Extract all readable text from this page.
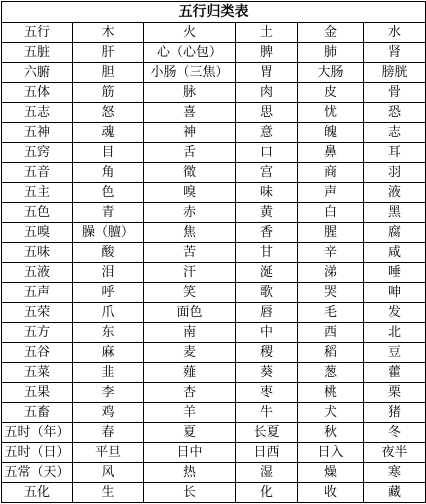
五行归类表					
五行	木	火	土	金	水
五脏	肝	心（心包）	脾	肺	肾
六腑	胆	小肠（三焦）	胃	大肠	膀胱
五体	筋	脉	肉	皮	骨
五志	怒	喜	思	忧	恐
五神	魂	神	意	魄	志
五窍	目	舌	口	鼻	耳
五音	角	徵	宫	商	羽
五主	色	嗅	味	声	液
五色	青	赤	黄	白	黑
五嗅	臊（膻）	焦	香	腥	腐
五味	酸	苦	甘	辛	咸
五液	泪	汗	涎	涕	唾
五声	呼	笑	歌	哭	呻
五荣	爪	面色	唇	毛	发
五方	东	南	中	西	北
五谷	麻	麦	稷	稻	豆
五菜	韭	薤	葵	葱	藿
五果	李	杏	枣	桃	栗
五畜	鸡	羊	牛	犬	猪
五时（年）	春	夏	长夏	秋	冬
五时（日）	平旦	日中	日西	日入	夜半
五常（天）	风	热	湿	燥	寒
五化	生	长	化	收	藏
